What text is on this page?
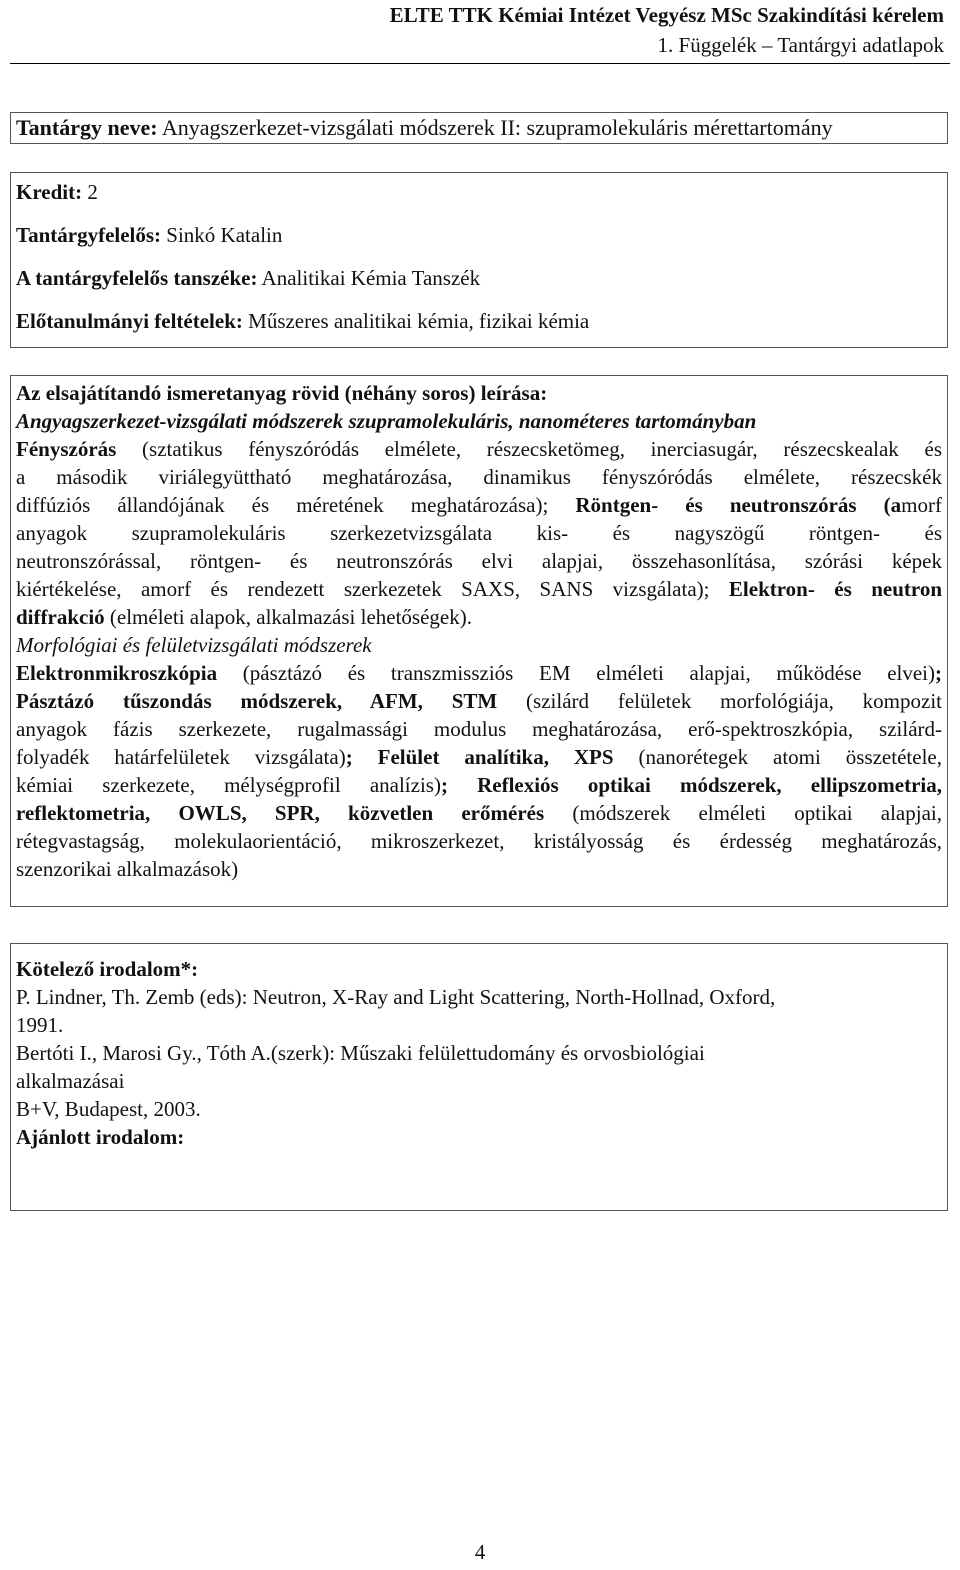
ELTE TTK Kémiai Intézet Vegyész MSc Szakindítási kérelem
1. Függelék – Tantárgyi adatlapok
Tantárgy neve: Anyagszerkezet-vizsgálati módszerek II: szupramolekuláris mérettartomány
Kredit: 2
Tantárgyfelelős: Sinkó Katalin
A tantárgyfelelős tanszéke: Analitikai Kémia Tanszék
Előtanulmányi feltételek: Műszeres analitikai kémia, fizikai kémia
Az elsajátítandó ismeretanyag rövid (néhány soros) leírása:
Angyagszerkezet-vizsgálati módszerek szupramolekuláris, nanométeres tartományban
Fényszórás (sztatikus fényszóródás elmélete, részecsketömeg, inerciasugár, részecskealak és
a második viriálegyüttható meghatározása, dinamikus fényszóródás elmélete, részecskék
diffúziós állandójának és méretének meghatározása); Röntgen- és neutronszórás (amorf
anyagok szupramolekuláris szerkezetvizsgálata kis- és nagyszögű röntgen- és
neutronszórással, röntgen- és neutronszórás elvi alapjai, összehasonlítása, szórási képek
kiértékelése, amorf és rendezett szerkezetek SAXS, SANS vizsgálata); Elektron- és neutron
diffrakció (elméleti alapok, alkalmazási lehetőségek).
Morfológiai és felületvizsgálati módszerek
Elektronmikroszkópia (pásztázó és transzmissziós EM elméleti alapjai, működése elvei);
Pásztázó tűszondás módszerek, AFM, STM (szilárd felületek morfológiája, kompozit
anyagok fázis szerkezete, rugalmassági modulus meghatározása, erő-spektroszkópia, szilárd-
folyadék határfelületek vizsgálata); Felület analítika, XPS (nanorétegek atomi összetétele,
kémiai szerkezete, mélységprofil analízis); Reflexiós optikai módszerek, ellipszometria,
reflektometria, OWLS, SPR, közvetlen erőmérés (módszerek elméleti optikai alapjai,
rétegvastagság, molekulaorientáció, mikroszerkezet, kristályosság és érdesség meghatározás,
szenzorikai alkalmazások)
Kötelező irodalom*:
P. Lindner, Th. Zemb (eds): Neutron, X-Ray and Light Scattering, North-Hollnad, Oxford,
1991.
Bertóti I., Marosi Gy., Tóth A.(szerk): Műszaki felülettudomány és orvosbiológiai
alkalmazásai
B+V, Budapest, 2003.
Ajánlott irodalom:
4
